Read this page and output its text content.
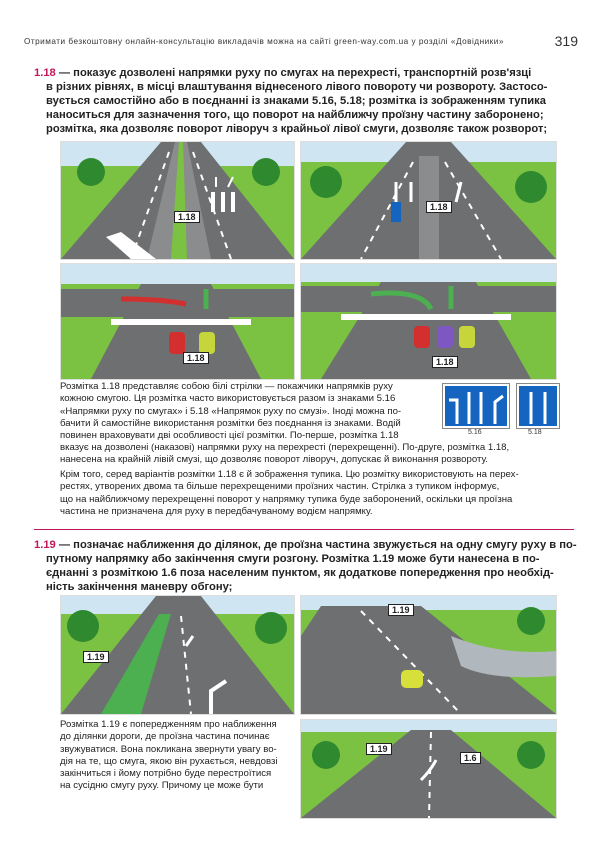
Отримати безкоштовну онлайн-консультацію викладачів можна на сайті green-way.com.ua у розділі «Довідники»	319
1.18 — показує дозволені напрямки руху по смугах на перехресті, транспортній розв'язці
в різних рівнях, в місці влаштування віднесеного лівого повороту чи розвороту. Застосо-
вується самостійно або в поєднанні із знаками 5.16, 5.18; розмітка із зображенням тупика
наноситься для зазначення того, що поворот на найближчу проїзну частину заборонено;
розмітка, яка дозволяє поворот ліворуч з крайньої лівої смуги, дозволяє також розворот;
1.18
1.18
1.18	1.18
Розмітка 1.18 представляє собою білі стрілки — покажчики напрямків руху
кожною смугою. Ця розмітка часто використовується разом із знаками 5.16
«Напрямки руху по смугах» і 5.18 «Напрямок руху по смузі». Іноді можна по-
бачити й самостійне використання розмітки без поєднання із знаками. Водій
повинен враховувати дві особливості цієї розмітки. По-перше, розмітка 1.18
вказує на дозволені (наказові) напрямки руху на перехресті (перехрещенні). По-друге, розмітка 1.18,
нанесена на крайній лівій смузі, що дозволяє поворот ліворуч, допускає й виконання розвороту.
5.16	5.18
Крім того, серед варіантів розмітки 1.18 є й зображення тупика. Цю розмітку використовують на перех-
рестях, утворених двома та більше перехрещеними проїзних частин. Стрілка з тупиком інформує,
що на найближчому перехрещенні поворот у напрямку тупика буде заборонений, оскільки ця проїзна
частина не призначена для руху в передбачуваному водієм напрямку.
1.19 — позначає наближення до ділянок, де проїзна частина звужується на одну смугу руху в по-
путному напрямку або закінчення смуги розгону. Розмітка 1.19 може бути нанесена в по-
єднанні з розміткою 1.6 поза населеним пунктом, як додаткове попередження про необхід-
ність закінчення маневру обгону;
1.19
1.19
1.19
1.6
Розмітка 1.19 є попередженням про наближення
до ділянки дороги, де проїзна частина починає
звужуватися. Вона покликана звернути увагу во-
дія на те, що смуга, якою він рухається, невдовзі
закінчиться і йому потрібно буде перестроїтися
на сусідню смугу руху. Причому це може бути
